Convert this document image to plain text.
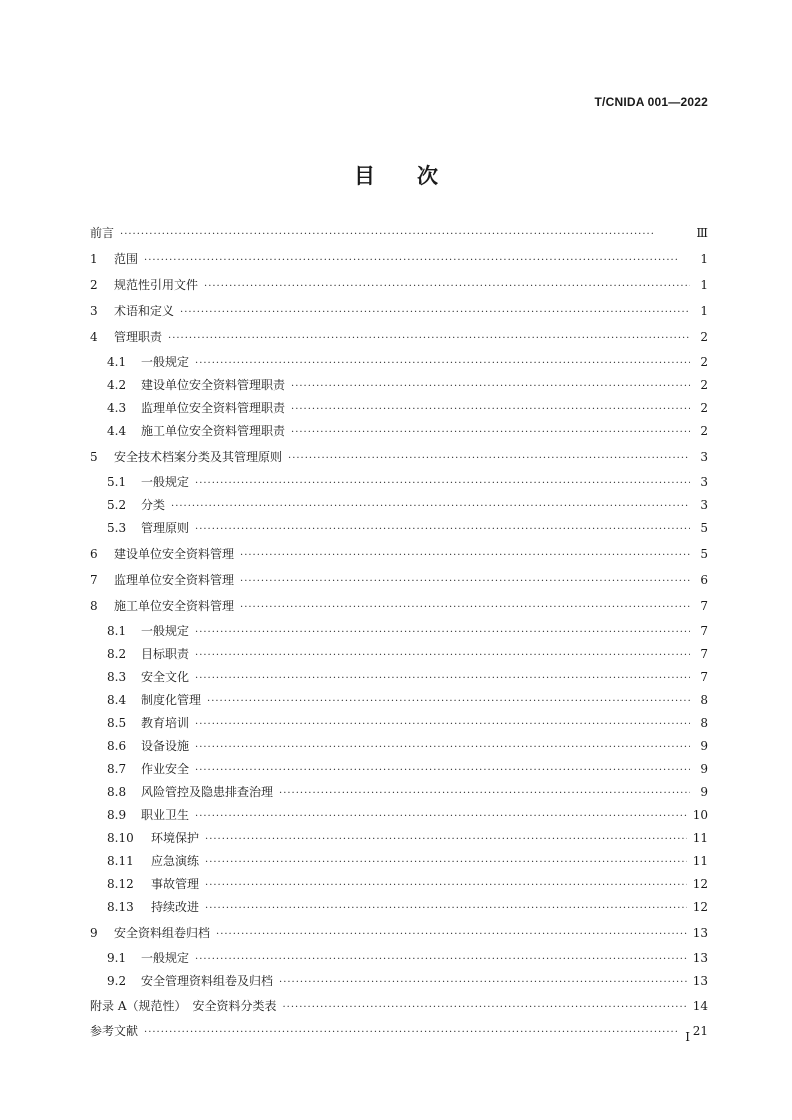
T/CNIDA 001—2022
目　　次
前言 ·····	Ⅲ
1	范围 ·····	1
2	规范性引用文件 ·····	1
3	术语和定义 ·····	1
4	管理职责 ·····	2
4.1	一般规定 ·····	2
4.2	建设单位安全资料管理职责 ·····	2
4.3	监理单位安全资料管理职责 ·····	2
4.4	施工单位安全资料管理职责 ·····	2
5	安全技术档案分类及其管理原则 ·····	3
5.1	一般规定 ·····	3
5.2	分类 ·····	3
5.3	管理原则 ·····	5
6	建设单位安全资料管理 ·····	5
7	监理单位安全资料管理 ·····	6
8	施工单位安全资料管理 ·····	7
8.1	一般规定 ·····	7
8.2	目标职责 ·····	7
8.3	安全文化 ·····	7
8.4	制度化管理 ·····	8
8.5	教育培训 ·····	8
8.6	设备设施 ·····	9
8.7	作业安全 ·····	9
8.8	风险管控及隐患排查治理 ·····	9
8.9	职业卫生 ·····	10
8.10	环境保护 ·····	11
8.11	应急演练 ·····	11
8.12	事故管理 ·····	12
8.13	持续改进 ·····	12
9	安全资料组卷归档 ·····	13
9.1	一般规定 ·····	13
9.2	安全管理资料组卷及归档 ·····	13
附录 A（规范性）　安全资料分类表 ·····	14
参考文献 ·····	21
I
